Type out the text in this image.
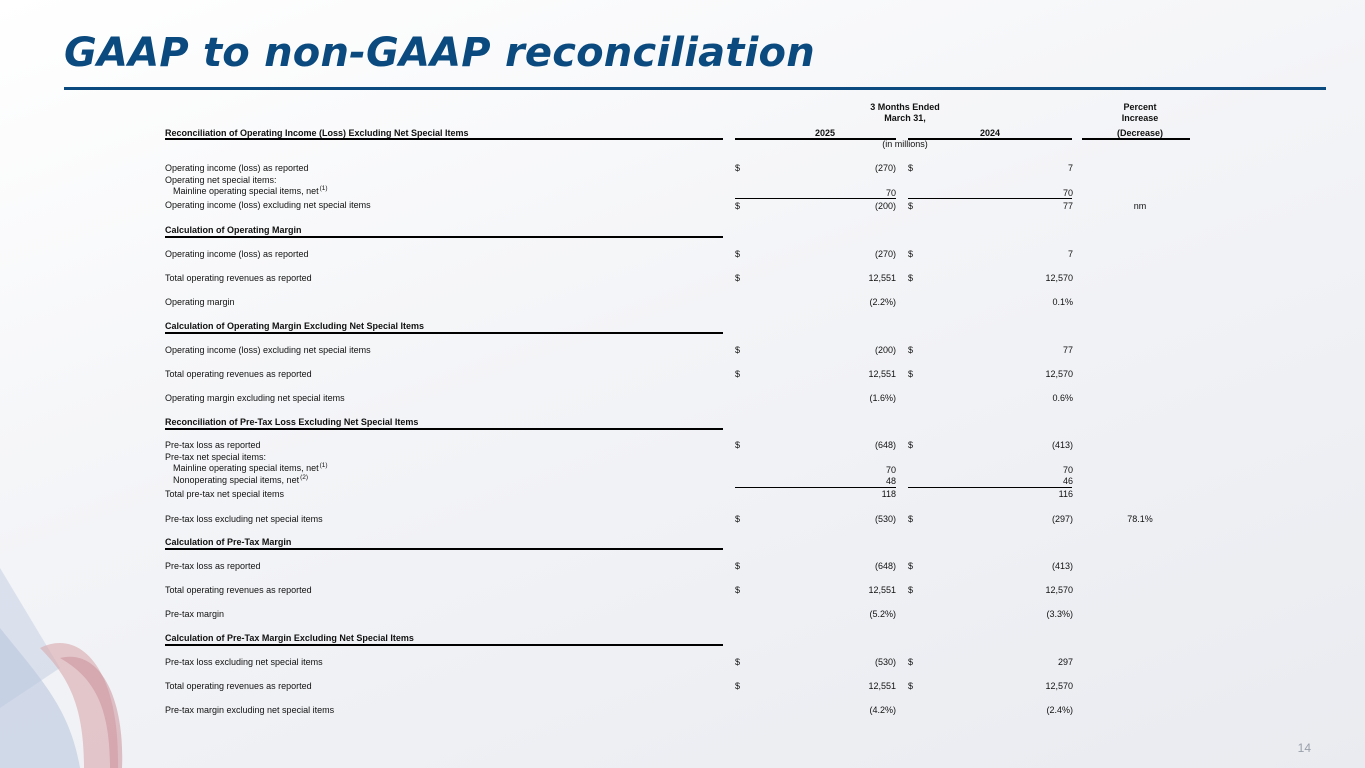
GAAP to non-GAAP reconciliation
3 Months Ended
March 31,
Percent
Increase
Reconciliation of Operating Income (Loss) Excluding Net Special Items	2025	2024	(Decrease)
(in millions)
Operating income (loss) as reported	$	(270) $	7
Operating net special items:
Mainline operating special items, net$^{(1)}$	70	70
Operating income (loss) excluding net special items	$	(200) $	77	nm
Calculation of Operating Margin
Operating income (loss) as reported	$	(270) $	7
Total operating revenues as reported	$	12,551 $	12,570
Operating margin	(2.2%)	0.1%
Calculation of Operating Margin Excluding Net Special Items
Operating income (loss) excluding net special items	$	(200) $	77
Total operating revenues as reported	$	12,551 $	12,570
Operating margin excluding net special items	(1.6%)	0.6%
Reconciliation of Pre-Tax Loss Excluding Net Special Items
Pre-tax loss as reported	$	(648) $	(413)
Pre-tax net special items:
Mainline operating special items, net$^{(1)}$	70	70
Nonoperating special items, net$^{(2)}$	48	46
Total pre-tax net special items	118	116
Pre-tax loss excluding net special items	$	(530) $	(297)	78.1%
Calculation of Pre-Tax Margin
Pre-tax loss as reported	$	(648) $	(413)
Total operating revenues as reported	$	12,551 $	12,570
Pre-tax margin	(5.2%)	(3.3%)
Calculation of Pre-Tax Margin Excluding Net Special Items
Pre-tax loss excluding net special items	$	(530) $	297
Total operating revenues as reported	$	12,551 $	12,570
Pre-tax margin excluding net special items	(4.2%)	(2.4%)
14
